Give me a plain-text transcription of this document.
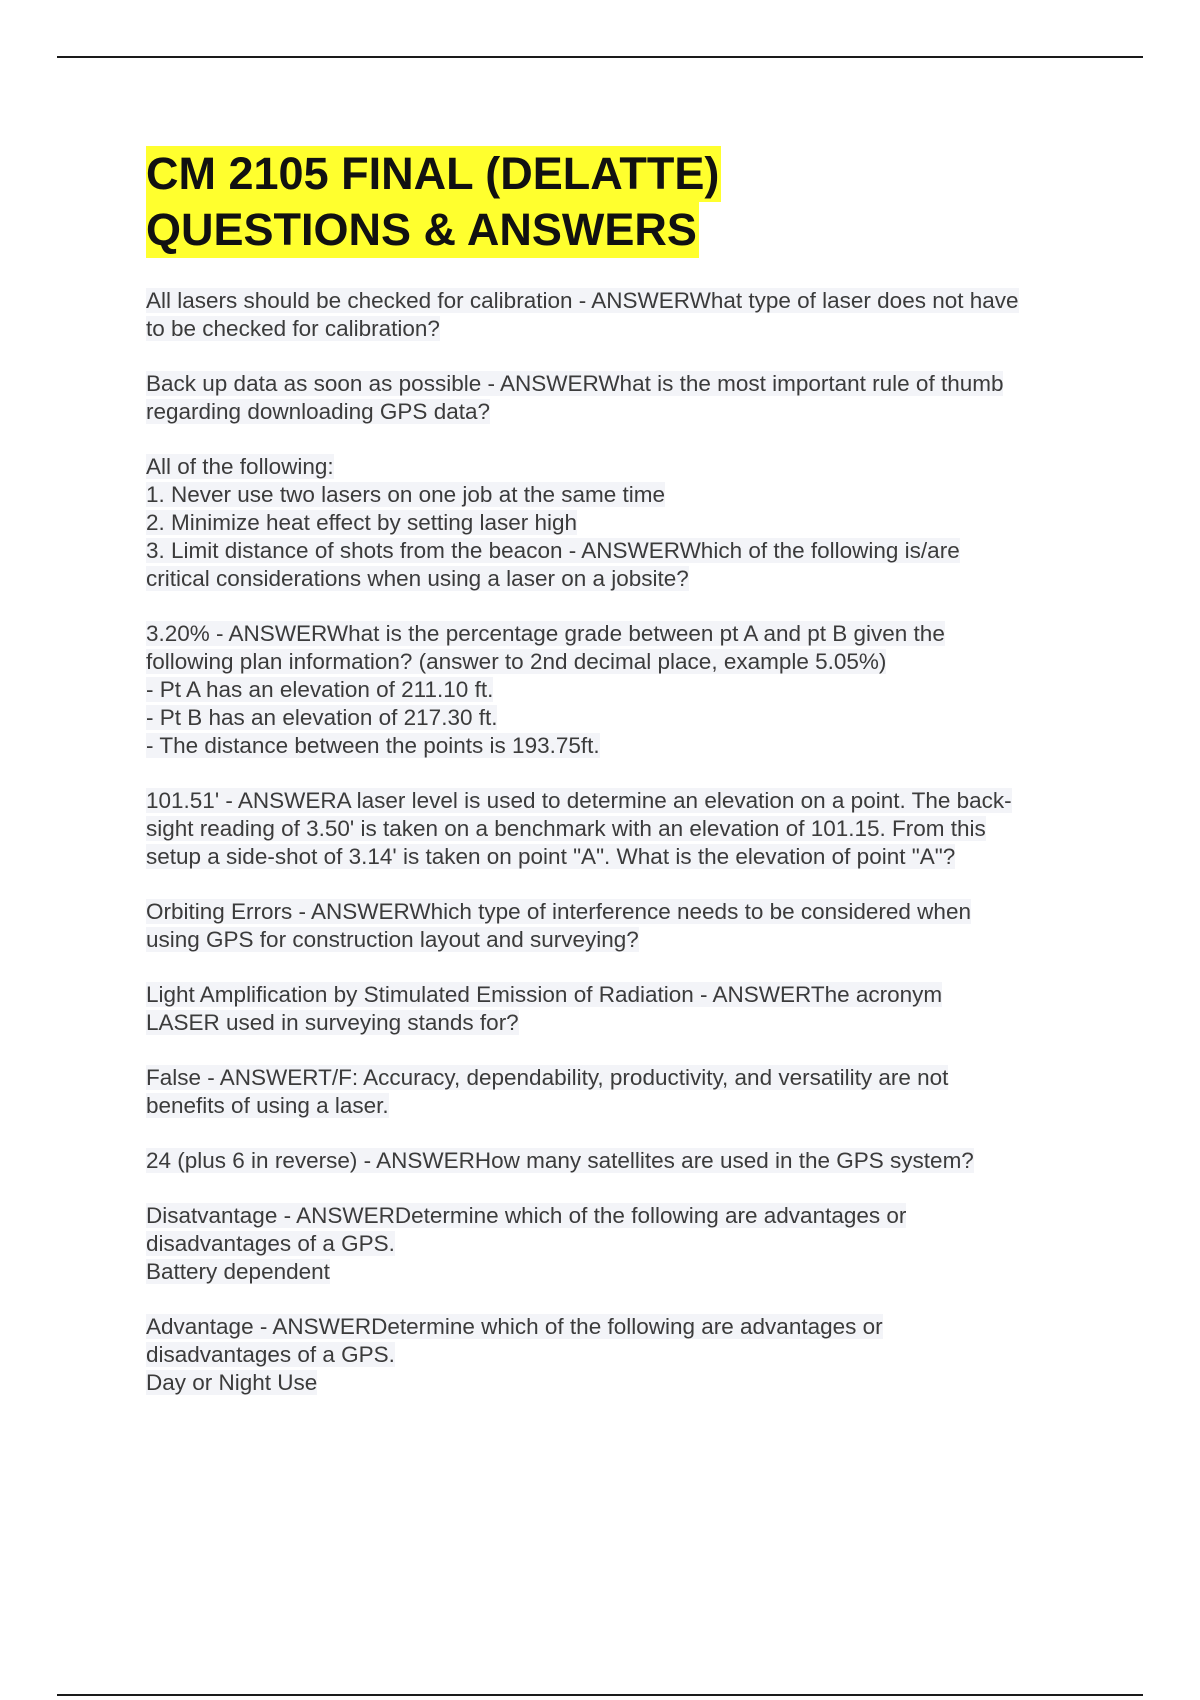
CM 2105 FINAL (DELATTE)
QUESTIONS & ANSWERS
All lasers should be checked for calibration - ANSWERWhat type of laser does not have
to be checked for calibration?
Back up data as soon as possible - ANSWERWhat is the most important rule of thumb
regarding downloading GPS data?
All of the following:
1. Never use two lasers on one job at the same time
2. Minimize heat effect by setting laser high
3. Limit distance of shots from the beacon - ANSWERWhich of the following is/are
critical considerations when using a laser on a jobsite?
3.20% - ANSWERWhat is the percentage grade between pt A and pt B given the
following plan information? (answer to 2nd decimal place, example 5.05%)
- Pt A has an elevation of 211.10 ft.
- Pt B has an elevation of 217.30 ft.
- The distance between the points is 193.75ft.
101.51' - ANSWERA laser level is used to determine an elevation on a point. The back-
sight reading of 3.50' is taken on a benchmark with an elevation of 101.15. From this
setup a side-shot of 3.14' is taken on point "A". What is the elevation of point "A"?
Orbiting Errors - ANSWERWhich type of interference needs to be considered when
using GPS for construction layout and surveying?
Light Amplification by Stimulated Emission of Radiation - ANSWERThe acronym
LASER used in surveying stands for?
False - ANSWERT/F: Accuracy, dependability, productivity, and versatility are not
benefits of using a laser.
24 (plus 6 in reverse) - ANSWERHow many satellites are used in the GPS system?
Disatvantage - ANSWERDetermine which of the following are advantages or
disadvantages of a GPS.
Battery dependent
Advantage - ANSWERDetermine which of the following are advantages or
disadvantages of a GPS.
Day or Night Use
